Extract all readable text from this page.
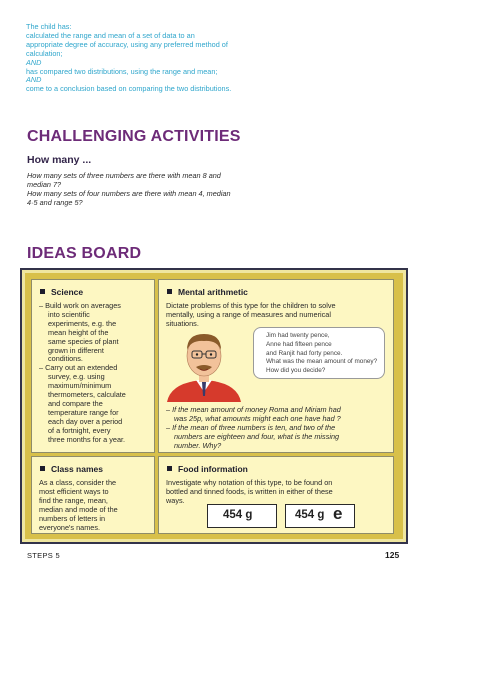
The child has:
calculated the range and mean of a set of data to an
appropriate degree of accuracy, using any preferred method of
calculation;
AND
has compared two distributions, using the range and mean;
AND
come to a conclusion based on comparing the two distributions.
CHALLENGING ACTIVITIES
How many ...
How many sets of three numbers are there with mean 8 and
median 7?
How many sets of four numbers are there with mean 4, median
4·5 and range 5?
IDEAS BOARD
Science
– Build work on averages
into scientific
experiments, e.g. the
mean height of the
same species of plant
grown in different
conditions.
– Carry out an extended
survey, e.g. using
maximum/minimum
thermometers, calculate
and compare the
temperature range for
each day over a period
of a fortnight, every
three months for a year.
Mental arithmetic
Dictate problems of this type for the children to solve
mentally, using a range of measures and numerical
situations.
Jim had twenty pence,
Anne had fifteen pence
and Ranjit had forty pence.
What was the mean amount of money?
How did you decide?
– If the mean amount of money Roma and Miriam had
was 25p, what amounts might each one have had ?
– If the mean of three numbers is ten, and two of the
numbers are eighteen and four, what is the missing
number. Why?
Class names
As a class, consider the
most efficient ways to
find the range, mean,
median and mode of the
numbers of letters in
everyone's names.
Food information
Investigate why notation of this type, to be found on
bottled and tinned foods, is written in either of these
ways.
454 g	454 g e
STEPS 5	125
